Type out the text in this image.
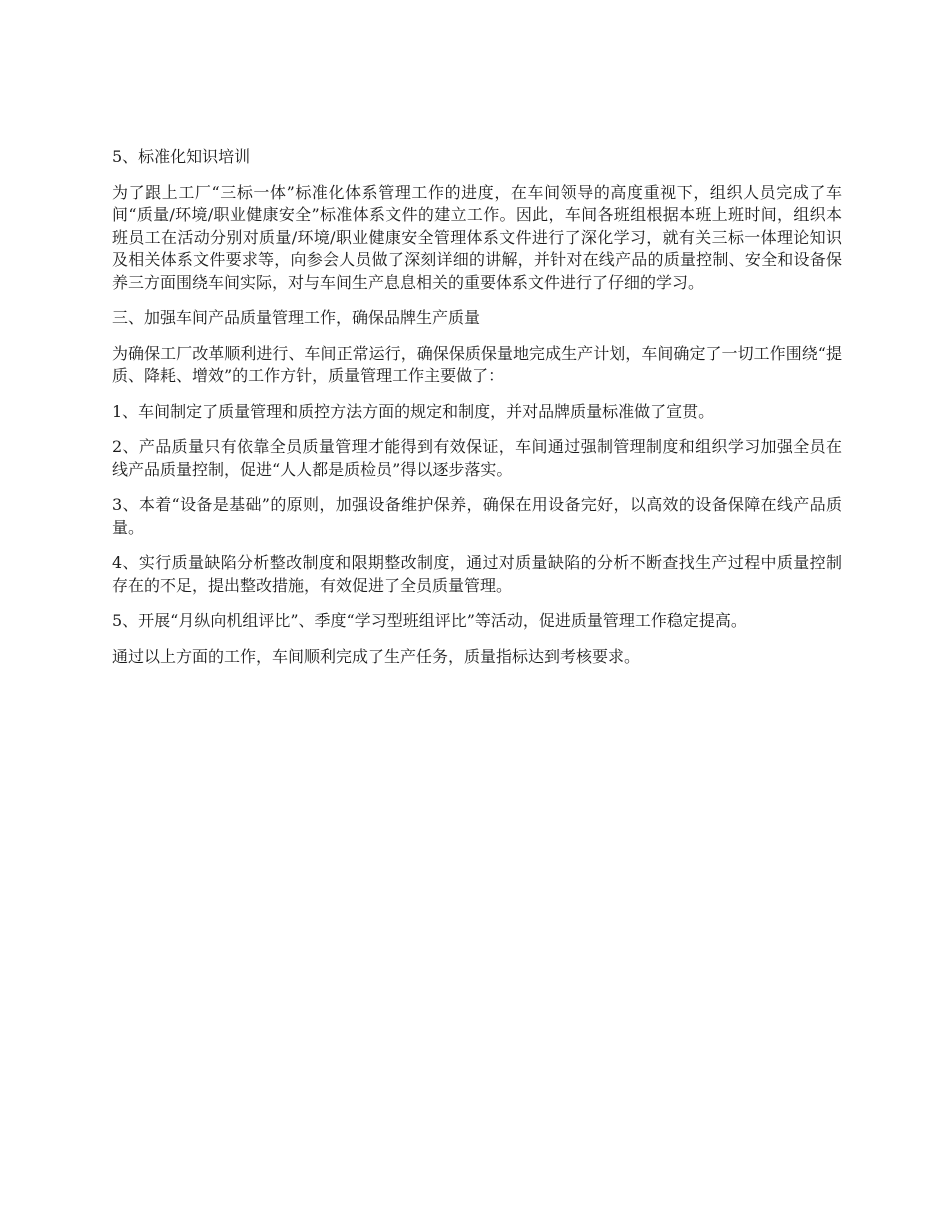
5、标准化知识培训

为了跟上工厂“三标一体”标准化体系管理工作的进度，在车间领导的高度重视下，组织人员完成了车间“质量/环境/职业健康安全”标准体系文件的建立工作。因此，车间各班组根据本班上班时间，组织本班员工在活动分别对质量/环境/职业健康安全管理体系文件进行了深化学习，就有关三标一体理论知识及相关体系文件要求等，向参会人员做了深刻详细的讲解，并针对在线产品的质量控制、安全和设备保养三方面围绕车间实际，对与车间生产息息相关的重要体系文件进行了仔细的学习。

三、加强车间产品质量管理工作，确保品牌生产质量

为确保工厂改革顺利进行、车间正常运行，确保保质保量地完成生产计划，车间确定了一切工作围绕“提质、降耗、增效”的工作方针，质量管理工作主要做了：

1、车间制定了质量管理和质控方法方面的规定和制度，并对品牌质量标准做了宣贯。

2、产品质量只有依靠全员质量管理才能得到有效保证，车间通过强制管理制度和组织学习加强全员在线产品质量控制，促进“人人都是质检员”得以逐步落实。

3、本着“设备是基础”的原则，加强设备维护保养，确保在用设备完好，以高效的设备保障在线产品质量。

4、实行质量缺陷分析整改制度和限期整改制度，通过对质量缺陷的分析不断查找生产过程中质量控制存在的不足，提出整改措施，有效促进了全员质量管理。

5、开展“月纵向机组评比”、季度“学习型班组评比”等活动，促进质量管理工作稳定提高。

通过以上方面的工作，车间顺利完成了生产任务，质量指标达到考核要求。
